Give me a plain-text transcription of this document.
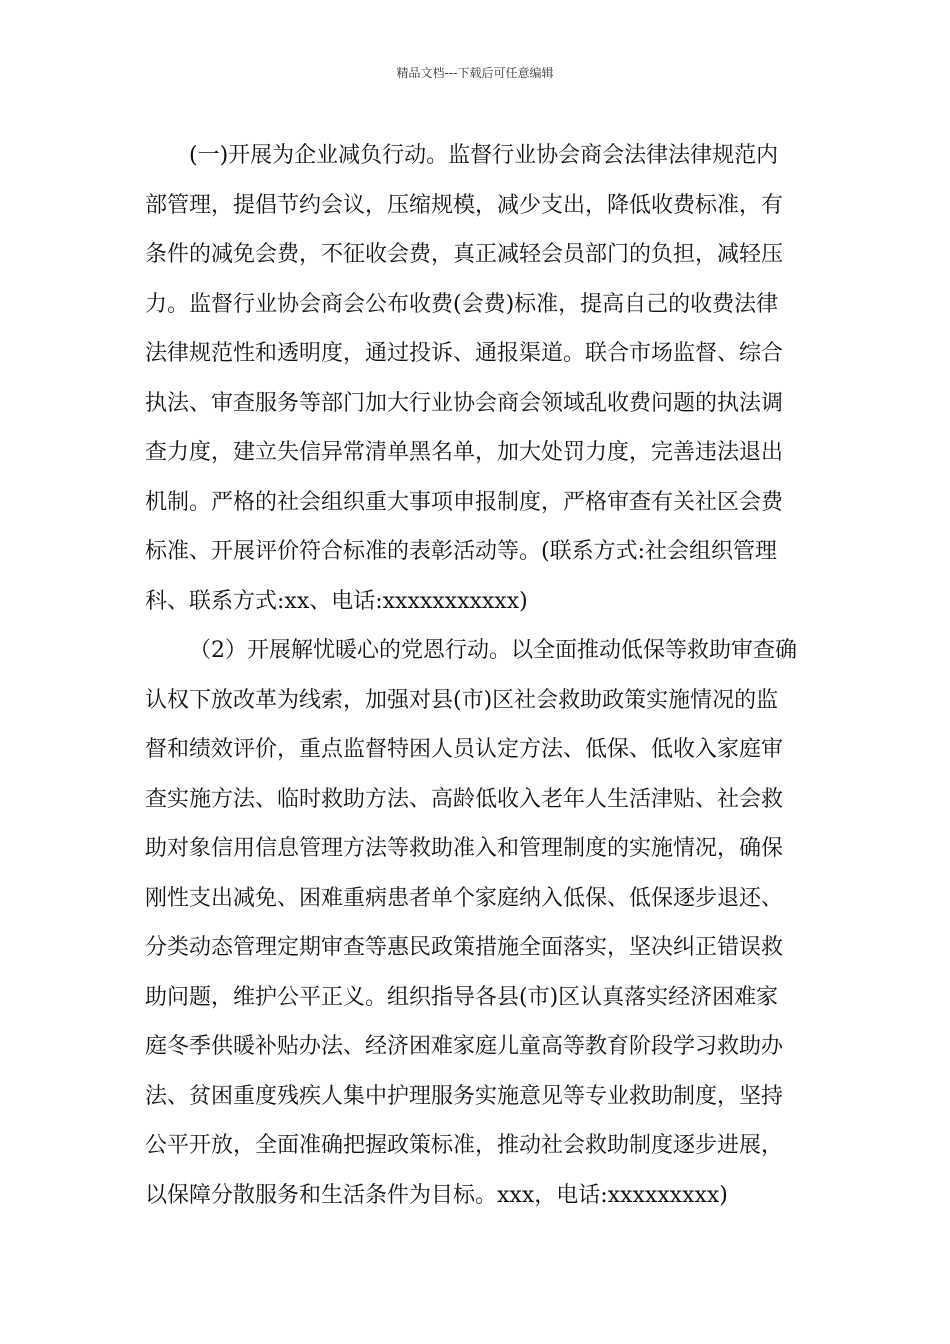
精品文档---下载后可任意编辑
(一)开展为企业减负行动。监督行业协会商会法律法律规范内
部管理，提倡节约会议，压缩规模，减少支出，降低收费标准，有
条件的减免会费，不征收会费，真正减轻会员部门的负担，减轻压
力。监督行业协会商会公布收费(会费)标准，提高自己的收费法律
法律规范性和透明度，通过投诉、通报渠道。联合市场监督、综合
执法、审查服务等部门加大行业协会商会领域乱收费问题的执法调
查力度，建立失信异常清单黑名单，加大处罚力度，完善违法退出
机制。严格的社会组织重大事项申报制度，严格审查有关社区会费
标准、开展评价符合标准的表彰活动等。(联系方式:社会组织管理
科、联系方式:xx、电话:xxxxxxxxxxx)
（2）开展解忧暖心的党恩行动。以全面推动低保等救助审查确
认权下放改革为线索，加强对县(市)区社会救助政策实施情况的监
督和绩效评价，重点监督特困人员认定方法、低保、低收入家庭审
查实施方法、临时救助方法、高龄低收入老年人生活津贴、社会救
助对象信用信息管理方法等救助准入和管理制度的实施情况，确保
刚性支出减免、困难重病患者单个家庭纳入低保、低保逐步退还、
分类动态管理定期审查等惠民政策措施全面落实，坚决纠正错误救
助问题，维护公平正义。组织指导各县(市)区认真落实经济困难家
庭冬季供暖补贴办法、经济困难家庭儿童高等教育阶段学习救助办
法、贫困重度残疾人集中护理服务实施意见等专业救助制度，坚持
公平开放，全面准确把握政策标准，推动社会救助制度逐步进展，
以保障分散服务和生活条件为目标。xxx，电话:xxxxxxxxx)
